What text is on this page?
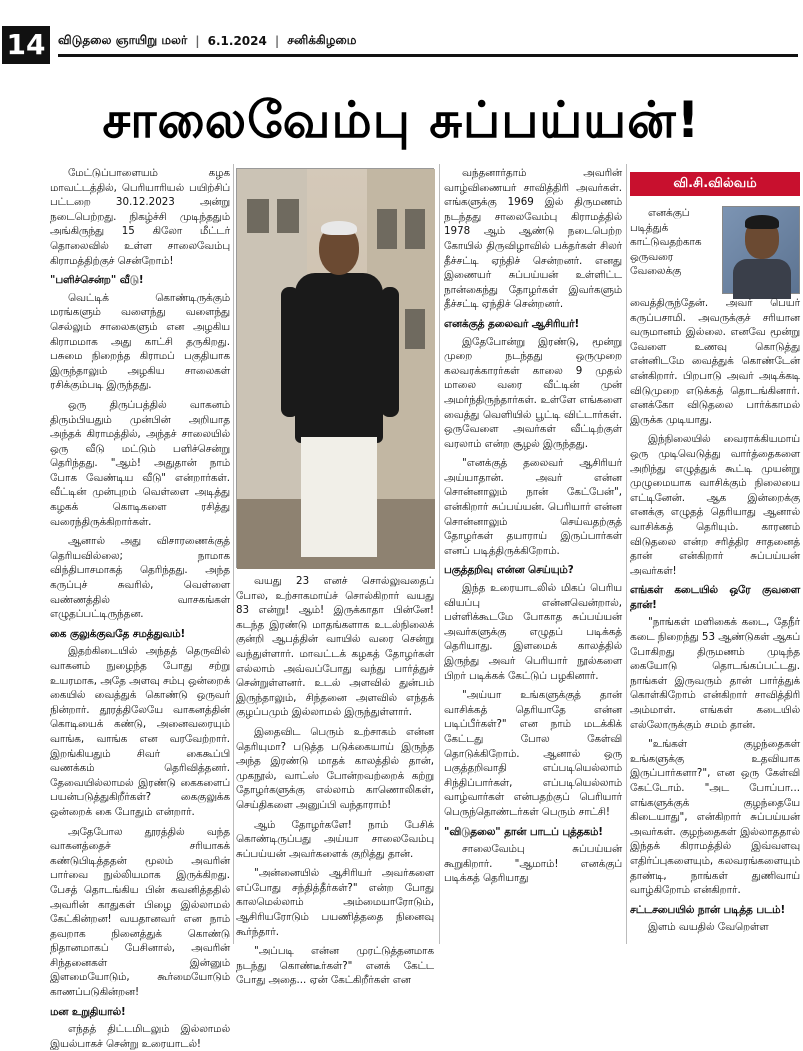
14	விடுதலை ஞாயிறு மலர் | 6.1.2024 | சனிக்கிழமை
சாலைவேம்பு சுப்பய்யன்!

மேட்டுப்பாளையம் கழக மாவட்டத்தில், பெரியாரியல் பயிற்சிப் பட்டறை 30.12.2023 அன்று நடைபெற்றது. நிகழ்ச்சி முடிந்ததும் அங்கிருந்து 15 கிலோ மீட்டர் தொலைவில் உள்ள சாலைவேம்பு கிராமத்திற்குச் சென்றோம்!

"பளிச்சென்ற" வீடு!

வெட்டிக் கொண்டிருக்கும் மரங்களும் வளைந்து வளைந்து செல்லும் சாலைகளும் என அழகிய கிராமமாக அது காட்சி தருகிறது. பசுமை நிறைந்த கிராமப் பகுதியாக இருந்தாலும் அழகிய சாலைகள் ரசிக்கும்படி இருந்தது.

ஒரு திருப்பத்தில் வாகனம் திரும்பியதும் முன்பின் அறியாத அந்தக் கிராமத்தில், அந்தச் சாலையில் ஒரு வீடு மட்டும் பளிச்சென்று தெரிந்தது. "ஆம்! அதுதான் நாம் போக வேண்டிய வீடு" என்றார்கள். வீட்டின் முன்புறம் வெள்ளை அடித்து கழகக் கொடிகளை ரசித்து வரைந்திருக்கிறார்கள்.

ஆனால் அது விசாரணைக்குத் தெரியவில்லை; நாமாக விந்திபாசமாகத் தெரிந்தது. அந்த கருப்புச் சுவரில், வெள்ளை வண்ணத்தில் வாசகங்கள் எழுதப்பட்டிருந்தன.

கை குலுக்குவதே சமத்துவம்!

இதற்கிடையில் அந்தத் தெருவில் வாகனம் நுழைந்த போது சற்று உயரமாக, அதே அளவு சம்பு ஒன்றைக் கையில் வைத்துக் கொண்டு ஒருவர் நின்றார். தூரத்திலேயே வாகனத்தின் கொடியைக் கண்டு, அனைவரையும் வாங்க, வாங்க என வரவேற்றார். இறங்கியதும் சிவர் கைகூப்பி வணக்கம் தெரிவித்தனர். தேவையில்லாமல் இரண்டு கைகளைப் பயன்படுத்துகிறீர்கள்? கைகுலுக்க ஒன்றைக் கை போதும் என்றார்.

அதேபோல தூரத்தில் வந்த வாகனத்தைச் சரியாகக் கண்டுபிடித்ததன் மூலம் அவரின் பார்வை நுல்லியமாக இருக்கிறது. பேசத் தொடங்கிய பின் கவனித்ததில் அவரின் காதுகள் பிழை இல்லாமல் கேட்கின்றன! வயதானவர் என நாம் தவறாக நினைத்துக் கொண்டு நிதானமாகப் பேசினால், அவரின் சிந்தனைகள் இன்னும் இளமையோடும், கூர்மையோடும் காணப்படுகின்றன!

மன உறுதியால்!

எந்தத் திட்டமிடலும் இல்லாமல் இயல்பாகச் சென்று உரையாடல்!

வயது 23 எனச் சொல்லுவதைப் போல, உற்சாகமாய்ச் சொல்கிறார் வயது 83 என்று! ஆம்! இருக்காதா பின்னே! கடந்த இரண்டு மாதங்களாக உடல்நிலைக் குன்றி ஆபத்தின் வாயில் வரை சென்று வந்துள்ளார். மாவட்டக் கழகத் தோழர்கள் எல்லாம் அவ்வப்போது வந்து பார்த்துச் சென்றுள்ளனர். உடல் அளவில் துன்பம் இருந்தாலும், சிந்தனை அளவில் எந்தக் குழப்பமும் இல்லாமல் இருந்துள்ளார்.

இதைவிட பெரும் உற்சாகம் என்ன தெரியுமா? படுத்த படுக்கையாய் இருந்த அந்த இரண்டு மாதக் காலத்தில் தான், முகநூல், வாட்ஸ் போன்றவற்றைக் கற்று தோழர்களுக்கு எல்லாம் காணொலிகள், செய்திகளை அனுப்பி வந்தாராம்!

ஆம் தோழர்களே! நாம் பேசிக் கொண்டிருப்பது அய்யா சாலைவேம்பு சுப்பய்யன் அவர்களைக் குறித்து தான்.

"அன்னையில் ஆசிரியர் அவர்களை எப்போது சந்தித்தீர்கள்?" என்ற போது காலமெல்லாம் அம்மையாரோடும், ஆசிரியரோடும் பயணித்ததை நினைவு கூர்ந்தார்.

"அப்படி என்ன முரட்டுத்தனமாக நடந்து கொண்டீர்கள்?" எனக் கேட்ட போது அதை... ஏன் கேட்கிறீர்கள் என

வந்தனார்தாம் அவரின் வாழ்விணையர் சாவித்திரி அவர்கள். எங்களுக்கு 1969 இல் திருமணம் நடந்தது சாலைவேம்பு கிராமத்தில் 1978 ஆம் ஆண்டு நடைபெற்ற கோயில் திருவிழாவில் பக்தர்கள் சிலர் தீச்சட்டி ஏந்திச் சென்றனர். எனது இணையர் சுப்பய்யன் உள்ளிட்ட நான்கைந்து தோழர்கள் இவர்களும் தீச்சட்டி ஏந்திச் சென்றனர்.

எனக்குத் தலைவர் ஆசிரியர்!

இதேபோன்று இரண்டு, மூன்று முறை நடந்தது ஒருமுறை கலவரக்காரர்கள் காலை 9 முதல் மாலை வரை வீட்டின் முன் அமர்ந்திருந்தார்கள். உள்ளே எங்களை வைத்து வெளியில் பூட்டி விட்டார்கள். ஒருவேளை அவர்கள் வீட்டிற்குள் வரலாம் என்ற சூழல் இருந்தது.

"எனக்குத் தலைவர் ஆசிரியர் அய்யாதான். அவர் என்ன சொன்னாலும் நான் கேட்பேன்", என்கிறார் சுப்பய்யன். பெரியார் என்ன சொன்னாலும் செய்வதற்குத் தோழர்கள் தயாராய் இருப்பார்கள் எனப் படித்திருக்கிறோம்.

பகுத்தறிவு என்ன செய்யும்?

இந்த உரையாடலில் மிகப் பெரிய வியப்பு என்னவென்றால், பள்ளிக்கூடமே போகாத சுப்பய்யன் அவர்களுக்கு எழுதப் படிக்கத் தெரியாது. இளமைக் காலத்தில் இருந்து அவர் பெரியார் நூல்களை பிறர் படிக்கக் கேட்டுப் பழகினார்.

"அய்யா உங்களுக்குத் தான் வாசிக்கத் தெரியாதே என்ன படிப்பீர்கள்?" என நாம் மடக்கிக் கேட்டது போல கேள்வி தொடுக்கிறோம். ஆனால் ஒரு பகுத்தறிவாதி எப்படியெல்லாம் சிந்திப்பார்கள், எப்படியெல்லாம் வாழ்வார்கள் என்பதற்குப் பெரியார் பெருந்தொண்டர்கள் பெரும் சாட்சி!

"விடுதலை" தான் பாடப் புத்தகம்!

சாலைவேம்பு சுப்பய்யன் கூறுகிறார். "ஆமாம்! எனக்குப் படிக்கத் தெரியாது

வி.சி.வில்வம்

எனக்குப் படித்துக் காட்டுவதற்காக ஒருவரை வேலைக்கு வைத்திருந்தேன். அவர் பெயர் கருப்பசாமி. அவருக்குச் சரியான வருமானம் இல்லை. எனவே மூன்று வேளை உணவு கொடுத்து என்னிடமே வைத்துக் கொண்டேன் என்கிறார். பிறபாடு அவர் அடிக்கடி விடுமுறை எடுக்கத் தொடங்கினார். எனக்கோ விடுதலை பார்க்காமல் இருக்க முடியாது.

இந்நிலையில் வைராக்கியமாய் ஒரு முடிவெடுத்து வார்த்தைகளை அறிந்து எழுத்துக் கூட்டி முயன்று முழுமையாக வாசிக்கும் நிலையை எட்டினேன். ஆக இன்றைக்கு எனக்கு எழுதத் தெரியாது ஆனால் வாசிக்கத் தெரியும். காரணம் விடுதலை என்ற சரித்திர சாதனைத் தான் என்கிறார் சுப்பய்யன் அவர்கள்!

எங்கள் கடையில் ஒரே குவளை தான்!

"நாங்கள் மளிகைக் கடை, தேநீர் கடை நிறைந்து 53 ஆண்டுகள் ஆகப் போகிறது திருமணம் முடிந்த கையோடு தொடங்கப்பட்டது. நாங்கள் இருவரும் தான் பார்த்துக் கொள்கிறோம் என்கிறார் சாவித்திரி அம்மாள். எங்கள் கடையில் எல்லோருக்கும் சமம் தான்.

"உங்கள் குழந்தைகள் உங்களுக்கு உதவியாக இருப்பார்களா?", என ஒரு கேள்வி கேட்டோம். "அட போப்பா... எங்களுக்குக் குழந்தையே கிடையாது", என்கிறார் சுப்பய்யன் அவர்கள். குழந்தைகள் இல்லாததால் இந்தக் கிராமத்தில் இவ்வளவு எதிர்ப்புகளையும், கலவரங்களையும் தாண்டி, நாங்கள் துணிவாய் வாழ்கிறோம் என்கிறார்.

சட்டசபையில் நான் படித்த படம்!

இளம் வயதில் வேறெள்ள
